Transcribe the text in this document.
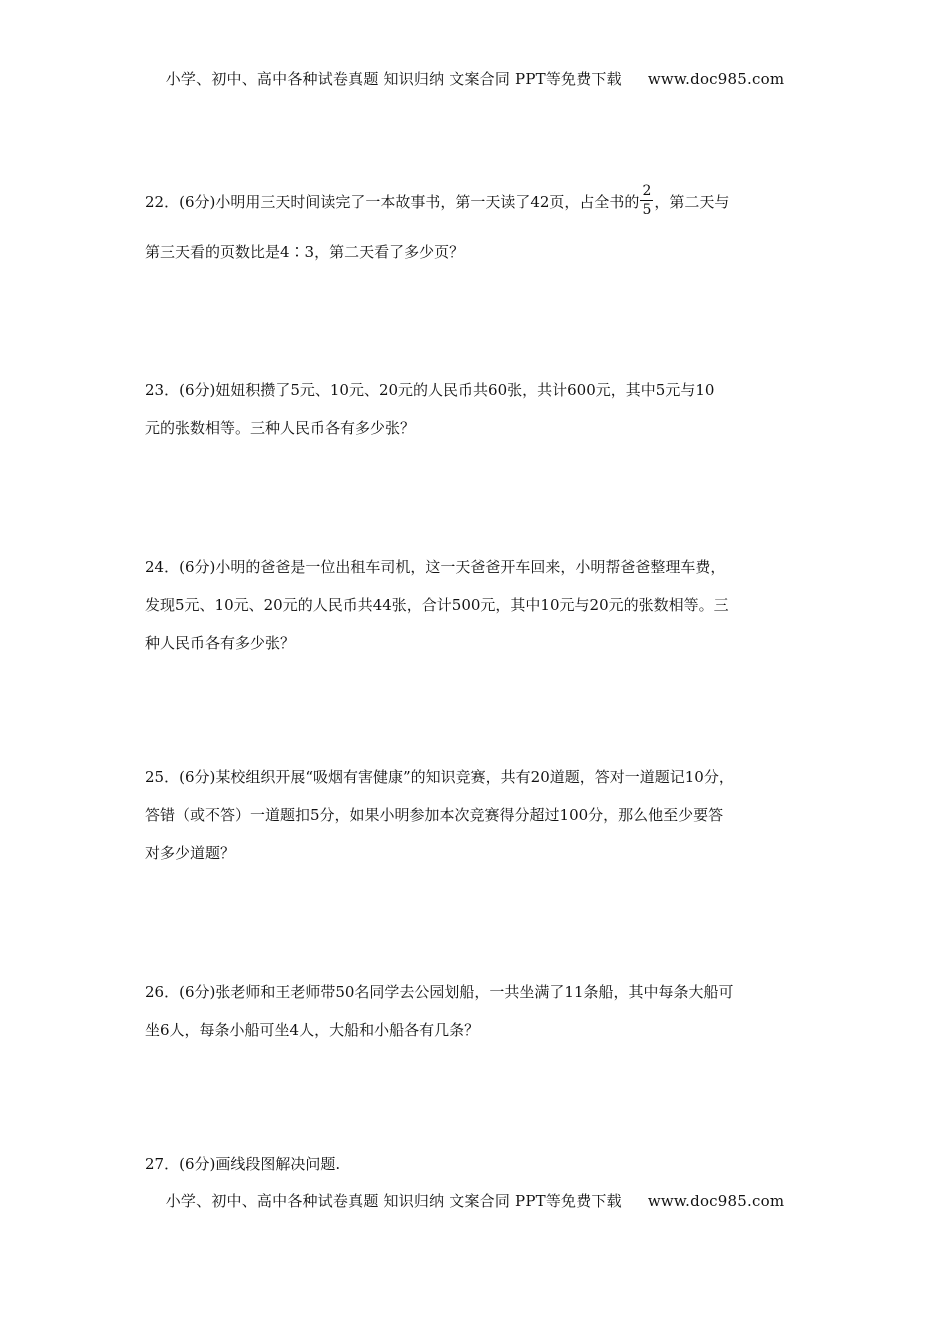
小学、初中、高中各种试卷真题 知识归纳 文案合同 PPT等免费下载 www.doc985.com
22．(6分)小明用三天时间读完了一本故事书，第一天读了42页，占全书的 $\frac{2}{5}$ ，第二天与
第三天看的页数比是4∶3，第二天看了多少页？
23．(6分)妞妞积攒了5元、10元、20元的人民币共60张，共计600元，其中5元与10
元的张数相等。三种人民币各有多少张？
24．(6分)小明的爸爸是一位出租车司机，这一天爸爸开车回来，小明帮爸爸整理车费，
发现5元、10元、20元的人民币共44张，合计500元，其中10元与20元的张数相等。三
种人民币各有多少张？
25．(6分)某校组织开展“吸烟有害健康”的知识竞赛，共有20道题，答对一道题记10分，
答错（或不答）一道题扣5分，如果小明参加本次竞赛得分超过100分，那么他至少要答
对多少道题？
26．(6分)张老师和王老师带50名同学去公园划船，一共坐满了11条船，其中每条大船可
坐6人，每条小船可坐4人，大船和小船各有几条？
27．(6分)画线段图解决问题.
小学、初中、高中各种试卷真题 知识归纳 文案合同 PPT等免费下载 www.doc985.com
